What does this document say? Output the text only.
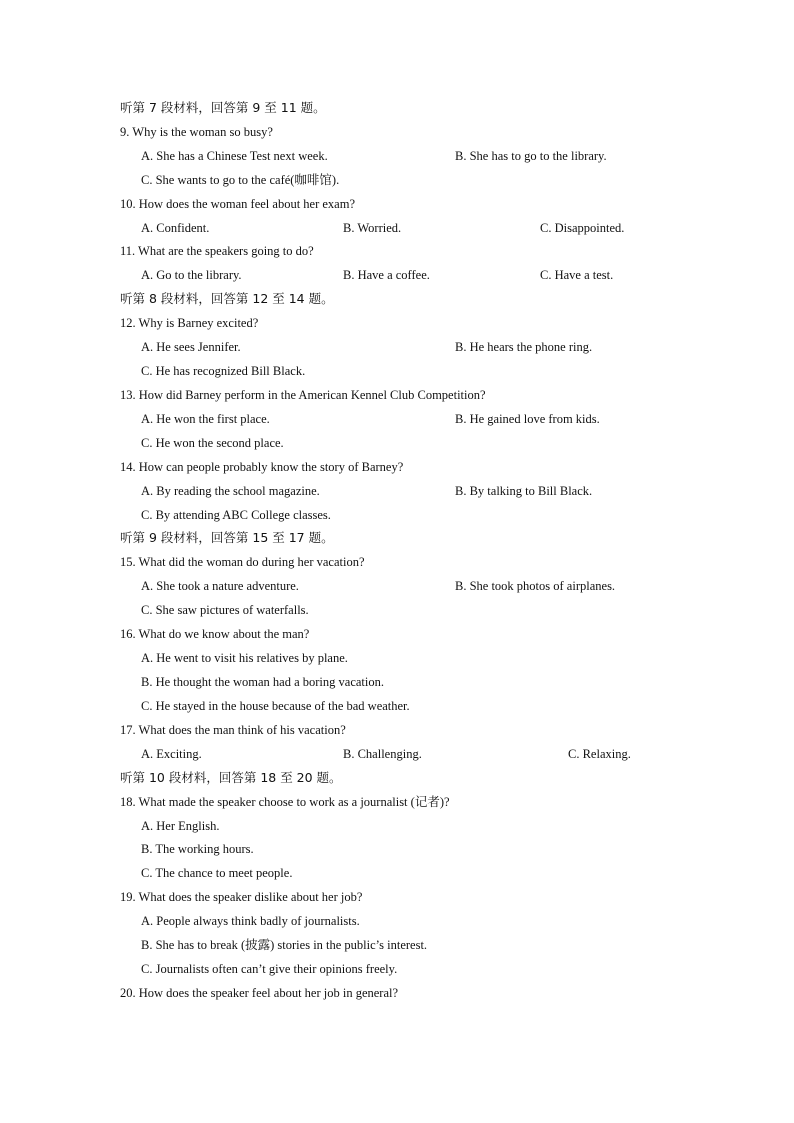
听第 7 段材料，回答第 9 至 11 题。
9. Why is the woman so busy?
A. She has a Chinese Test next week.	B. She has to go to the library.
C. She wants to go to the café(咖啡馆).
10. How does the woman feel about her exam?
A. Confident.	B. Worried.	C. Disappointed.
11. What are the speakers going to do?
A. Go to the library.	B. Have a coffee.	C. Have a test.
听第 8 段材料，回答第 12 至 14 题。
12. Why is Barney excited?
A. He sees Jennifer.	B. He hears the phone ring.
C. He has recognized Bill Black.
13. How did Barney perform in the American Kennel Club Competition?
A. He won the first place.	B. He gained love from kids.
C. He won the second place.
14. How can people probably know the story of Barney?
A. By reading the school magazine.	B. By talking to Bill Black.
C. By attending ABC College classes.
听第 9 段材料，回答第 15 至 17 题。
15. What did the woman do during her vacation?
A. She took a nature adventure.	B. She took photos of airplanes.
C. She saw pictures of waterfalls.
16. What do we know about the man?
A. He went to visit his relatives by plane.
B. He thought the woman had a boring vacation.
C. He stayed in the house because of the bad weather.
17. What does the man think of his vacation?
A. Exciting.	B. Challenging.	C. Relaxing.
听第 10 段材料，回答第 18 至 20 题。
18. What made the speaker choose to work as a journalist (记者)?
A. Her English.
B. The working hours.
C. The chance to meet people.
19. What does the speaker dislike about her job?
A. People always think badly of journalists.
B. She has to break (披露) stories in the public’s interest.
C. Journalists often can’t give their opinions freely.
20. How does the speaker feel about her job in general?
